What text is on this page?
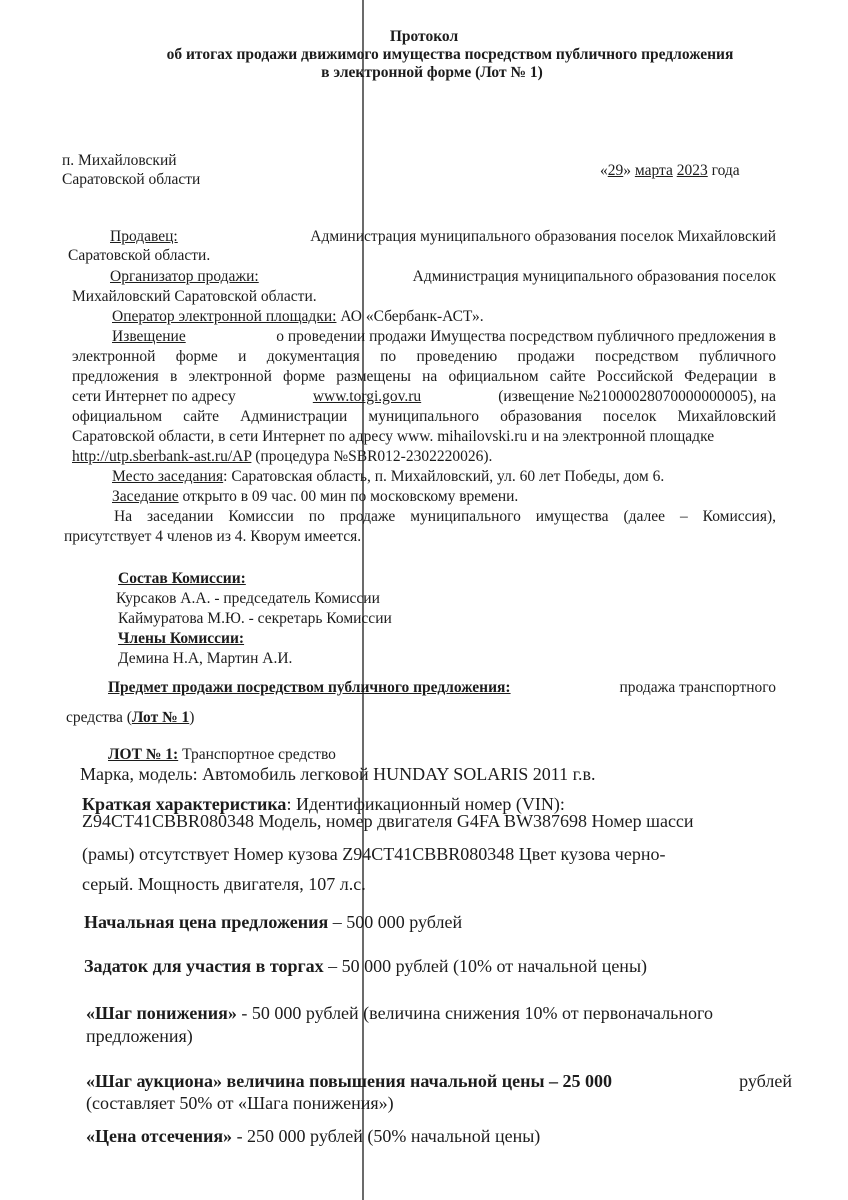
Протокол
об итогах продажи движимого имущества посредством публичного предложения
в электронной форме (Лот № 1)
п. Михайловский
Саратовской области
«29» марта 2023 года
Продавец:	Администрация муниципального образования поселок Михайловский
Саратовской области.
Организатор продажи:	Администрация муниципального образования поселок
Михайловский Саратовской области.
Оператор электронной площадки: АО «Сбербанк-АСТ».
Извещение	о проведении продажи Имущества посредством публичного предложения в
электронной форме и документация по проведению продажи посредством публичного
предложения в электронной форме размещены на официальном сайте Российской Федерации в
сети Интернет по адресу	www.torgi.gov.ru	(извещение №21000028070000000005), на
официальном сайте Администрации муниципального образования поселок Михайловский
Саратовской области, в сети Интернет по адресу www. mihailovski.ru и на электронной площадке
http://utp.sberbank-ast.ru/AP (процедура №SBR012-2302220026).
Место заседания: Саратовская область, п. Михайловский, ул. 60 лет Победы, дом 6.
Заседание открыто в 09 час. 00 мин по московскому времени.
На заседании Комиссии по продаже муниципального имущества (далее – Комиссия),
присутствует 4 членов из 4. Кворум имеется.
Состав Комиссии:
Курсаков А.А. - председатель Комиссии
Каймуратова М.Ю. - секретарь Комиссии
Члены Комиссии:
Демина Н.А, Мартин А.И.
Предмет продажи посредством публичного предложения:	продажа транспортного
средства (Лот № 1)
ЛОТ № 1: Транспортное средство
Марка, модель: Автомобиль легковой HUNDAY SOLARIS 2011 г.в.
Краткая характеристика: Идентификационный номер (VIN):
Z94CT41CBBR080348 Модель, номер двигателя G4FA BW387698 Номер шасси
(рамы) отсутствует Номер кузова Z94CT41CBBR080348 Цвет кузова черно-
серый. Мощность двигателя, 107 л.с.
Начальная цена предложения – 500 000 рублей
Задаток для участия в торгах – 50 000 рублей (10% от начальной цены)
«Шаг понижения» - 50 000 рублей (величина снижения 10% от первоначального
предложения)
«Шаг аукциона» величина повышения начальной цены – 25 000	рублей
(составляет 50% от «Шага понижения»)
«Цена отсечения» - 250 000 рублей (50% начальной цены)
